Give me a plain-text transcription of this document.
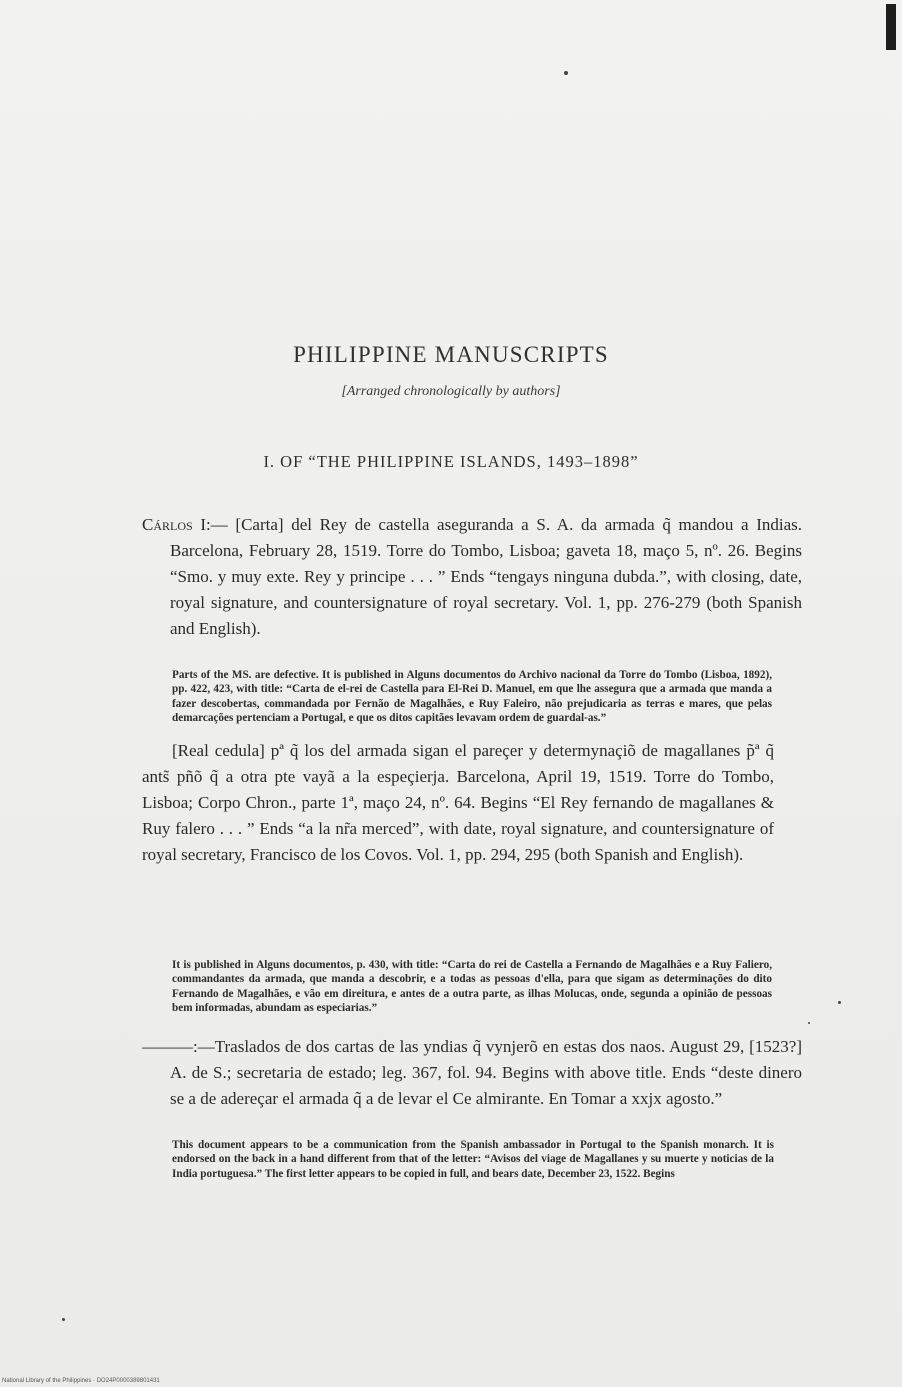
PHILIPPINE MANUSCRIPTS
[Arranged chronologically by authors]
I. OF “THE PHILIPPINE ISLANDS, 1493–1898”
Cárlos I:— [Carta] del Rey de castella aseguranda a S. A. da armada q̃ mandou a Indias. Barcelona, February 28, 1519. Torre do Tombo, Lisboa; gaveta 18, maço 5, nº. 26. Begins “Smo. y muy exte. Rey y principe . . . ” Ends “tengays ninguna dubda.”, with closing, date, royal signature, and countersignature of royal secretary. Vol. 1, pp. 276-279 (both Spanish and English).
Parts of the MS. are defective. It is published in Alguns documentos do Archivo nacional da Torre do Tombo (Lisboa, 1892), pp. 422, 423, with title: “Carta de el-rei de Castella para El-Rei D. Manuel, em que lhe assegura que a armada que manda a fazer descobertas, commandada por Fernão de Magalhães, e Ruy Faleiro, não prejudicaria as terras e mares, que pelas demarcações pertenciam a Portugal, e que os ditos capitães levavam ordem de guardal-as.”
[Real cedula] pª q̃ los del armada sigan el pareçer y determynaçiõ de magallanes p̃ª q̃ ants̃ pñõ q̃ a otra pte vayã a la espeçierja. Barcelona, April 19, 1519. Torre do Tombo, Lisboa; Corpo Chron., parte 1ª, maço 24, nº. 64. Begins “El Rey fernando de magallanes & Ruy falero . . . ” Ends “a la nr̃a merced”, with date, royal signature, and countersignature of royal secretary, Francisco de los Covos. Vol. 1, pp. 294, 295 (both Spanish and English).
It is published in Alguns documentos, p. 430, with title: “Carta do rei de Castella a Fernando de Magalhães e a Ruy Faliero, commandantes da armada, que manda a descobrir, e a todas as pessoas d'ella, para que sigam as determinações do dito Fernando de Magalhães, e vão em direitura, e antes de a outra parte, as ilhas Molucas, onde, segunda a opinião de pessoas bem informadas, abundam as especiarias.”
———:—Traslados de dos cartas de las yndias q̃ vynjerõ en estas dos naos. August 29, [1523?] A. de S.; secretaria de estado; leg. 367, fol. 94. Begins with above title. Ends “deste dinero se a de adereçar el armada q̃ a de levar el Ce almirante. En Tomar a xxjx agosto.”
This document appears to be a communication from the Spanish ambassador in Portugal to the Spanish monarch. It is endorsed on the back in a hand different from that of the letter: “Avisos del viage de Magallanes y su muerte y noticias de la India portuguesa.” The first letter appears to be copied in full, and bears date, December 23, 1522. Begins
National Library of the Philippines · DO24P0000389801431
